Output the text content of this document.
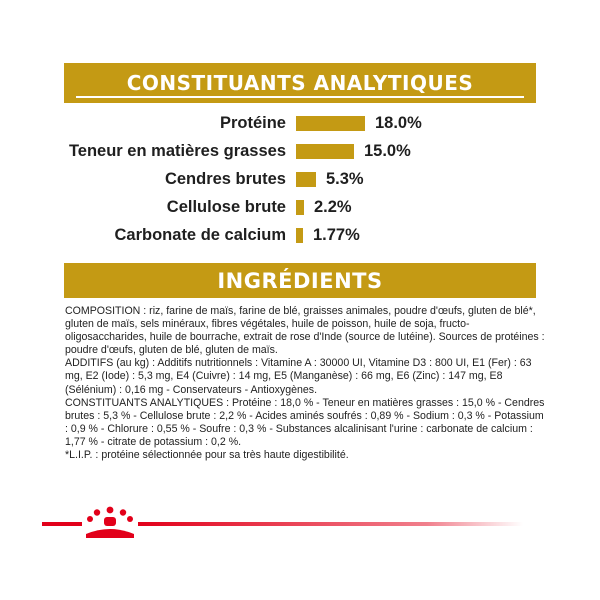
CONSTITUANTS ANALYTIQUES
Protéine	18.0%
Teneur en matières grasses	15.0%
Cendres brutes 5.3%
Cellulose brute 2.2%
Carbonate de calcium 1.77%
INGRÉDIENTS

COMPOSITION : riz, farine de maïs, farine de blé, graisses animales, poudre d'œufs, gluten de blé*, gluten de maïs, sels minéraux, fibres végétales, huile de poisson, huile de soja, fructo-oligosaccharides, huile de bourrache, extrait de rose d'Inde (source de lutéine). Sources de protéines : poudre d'œufs, gluten de blé, gluten de maïs.

ADDITIFS (au kg) : Additifs nutritionnels : Vitamine A : 30000 UI, Vitamine D3 : 800 UI, E1 (Fer) : 63 mg, E2 (Iode) : 5,3 mg, E4 (Cuivre) : 14 mg, E5 (Manganèse) : 66 mg, E6 (Zinc) : 147 mg, E8 (Sélénium) : 0,16 mg - Conservateurs - Antioxygènes.

CONSTITUANTS ANALYTIQUES : Protéine : 18,0 % - Teneur en matières grasses : 15,0 % - Cendres brutes : 5,3 % - Cellulose brute : 2,2 % - Acides aminés soufrés : 0,89 % - Sodium : 0,3 % - Potassium : 0,9 % - Chlorure : 0,55 % - Soufre : 0,3 % - Substances alcalinisant l'urine : carbonate de calcium : 1,77 % - citrate de potassium : 0,2 %.

*L.I.P. : protéine sélectionnée pour sa très haute digestibilité.
